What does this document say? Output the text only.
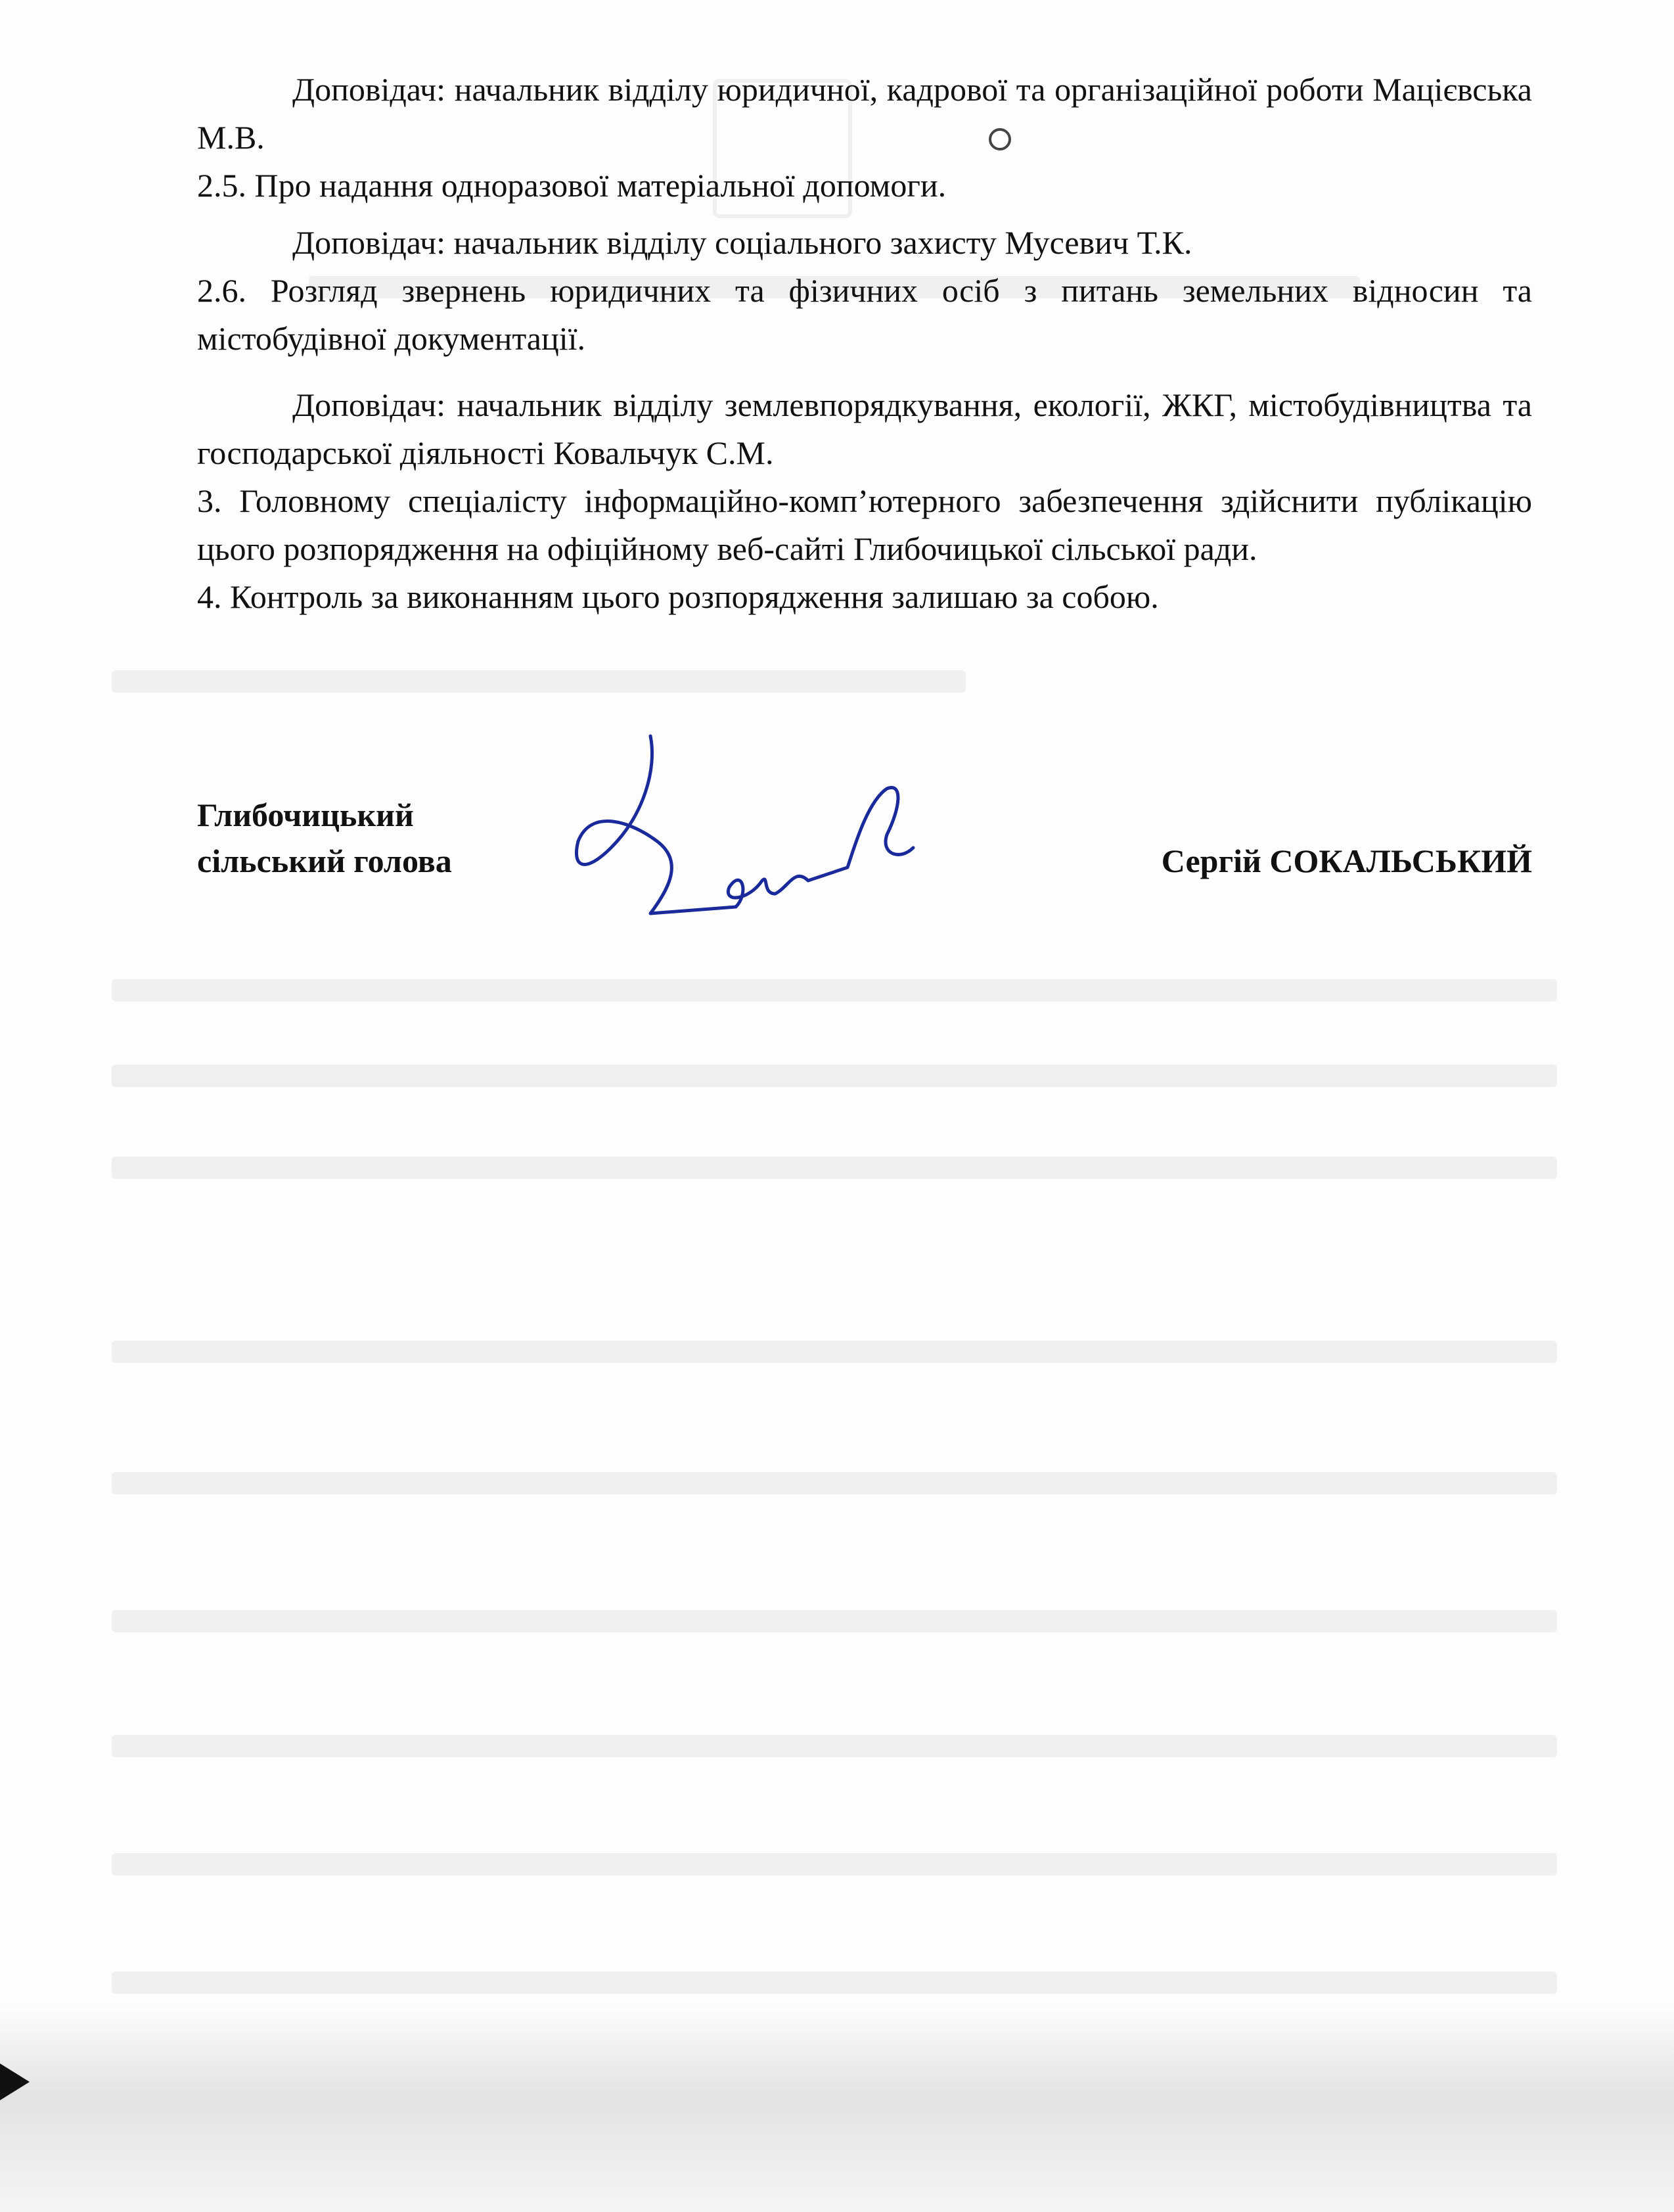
Доповідач: начальник відділу юридичної, кадрової та організаційної роботи Мацієвська М.В.

2.5. Про надання одноразової матеріальної допомоги.

Доповідач: начальник відділу соціального захисту Мусевич Т.К.

2.6. Розгляд звернень юридичних та фізичних осіб з питань земельних відносин та містобудівної документації.

Доповідач: начальник відділу землевпорядкування, екології, ЖКГ, містобудівництва та господарської діяльності Ковальчук С.М.

3. Головному спеціалісту інформаційно-комп’ютерного забезпечення здійснити публікацію цього розпорядження на офіційному веб-сайті Глибочицької сільської ради.

4. Контроль за виконанням цього розпорядження залишаю за собою.

Глибочицький
сільський голова	Сергій СОКАЛЬСЬКИЙ
